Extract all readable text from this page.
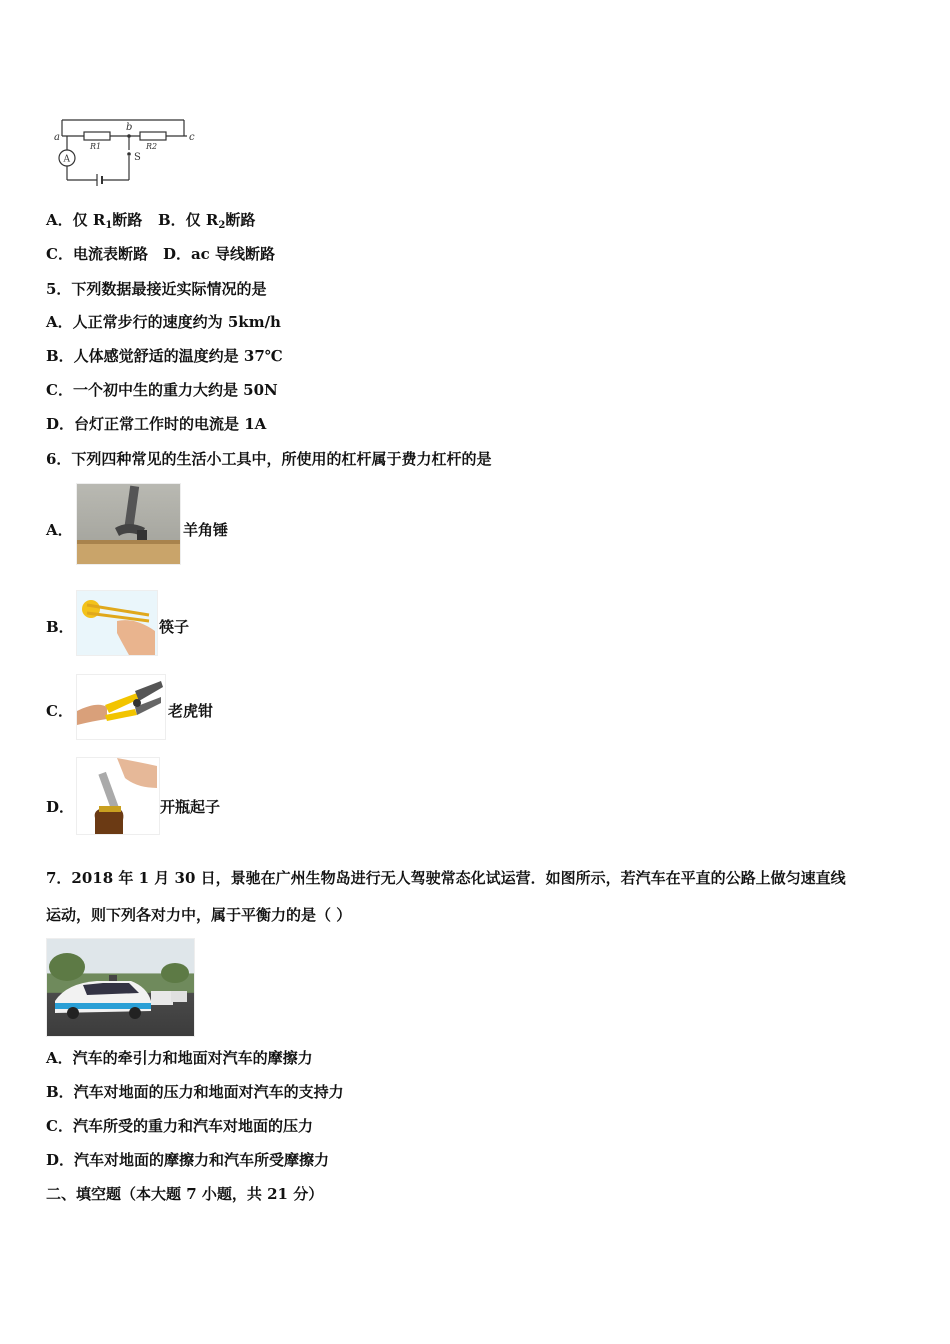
a
b
c
R1	R2
A	S
A．仅 $R_1$断路 B．仅 $R_2$断路
C．电流表断路　D．ac 导线断路
5．下列数据最接近实际情况的是
A．人正常步行的速度约为 5km/h
B．人体感觉舒适的温度约是 37℃
C．一个初中生的重力大约是 50N
D．台灯正常工作时的电流是 1A
6．下列四种常见的生活小工具中，所使用的杠杆属于费力杠杆的是
A．	羊角锤
B．	筷子
C．	老虎钳
D．	开瓶起子
7．2018 年 1 月 30 日，景驰在广州生物岛进行无人驾驶常态化试运营．如图所示，若汽车在平直的公路上做匀速直线
运动，则下列各对力中，属于平衡力的是（ ）
A．汽车的牵引力和地面对汽车的摩擦力
B．汽车对地面的压力和地面对汽车的支持力
C．汽车所受的重力和汽车对地面的压力
D．汽车对地面的摩擦力和汽车所受摩擦力
二、填空题（本大题 7 小题，共 21 分）
